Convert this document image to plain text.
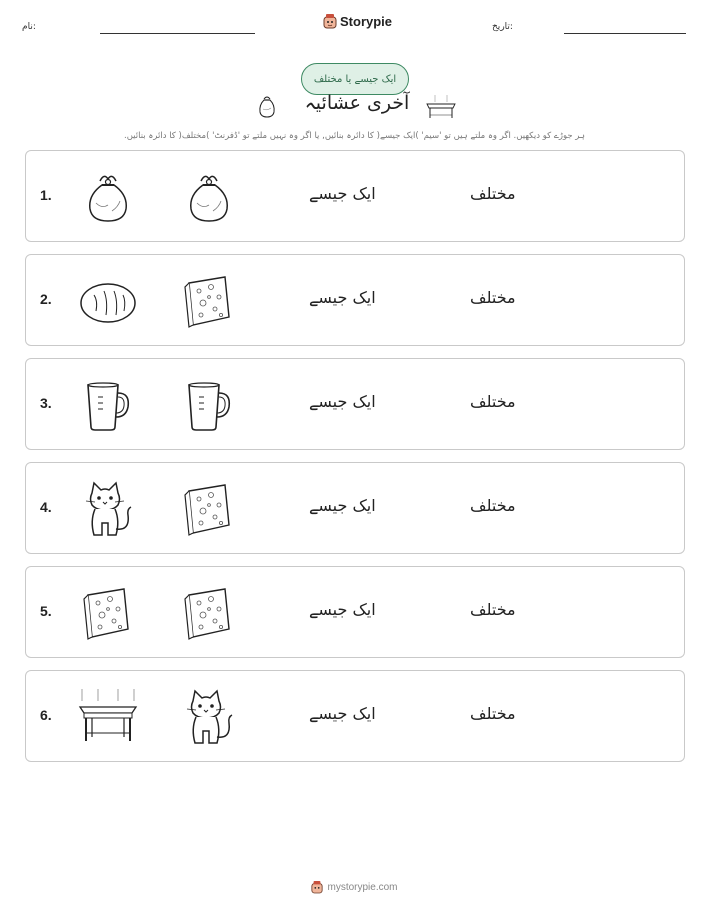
نام:	Storypie	تاریخ:
ایک جیسے یا مختلف
آخری عشائیہ
ہر جوڑے کو دیکھیں. اگر وہ ملتے ہیں تو 'سیم' )ایک جیسے( کا دائرہ بنائیں, یا اگر وہ نہیں ملتے تو 'ڈفرنٹ' )مختلف( کا دائرہ بنائیں.
1.	ایک جیسے	مختلف
2.	ایک جیسے	مختلف
3.	ایک جیسے	مختلف
4.	ایک جیسے	مختلف
5.	ایک جیسے	مختلف
6.	ایک جیسے	مختلف
mystorypie.com
